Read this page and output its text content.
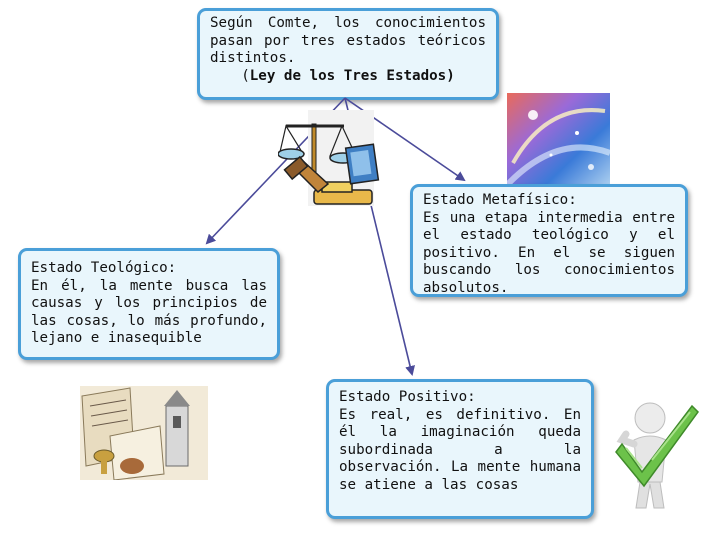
Según Comte, los conocimientos pasan por tres estados teóricos distintos.

(Ley de los Tres Estados)

Estado Metafísico:

Es una etapa intermedia entre el estado teológico y el positivo. En el se siguen buscando los conocimientos absolutos.

Estado Teológico:

En él, la mente busca las causas y los principios de las cosas, lo más profundo, lejano e inasequible

Estado Positivo:

Es real, es definitivo. En él la imaginación queda subordinada a la observación. La mente humana se atiene a las cosas
